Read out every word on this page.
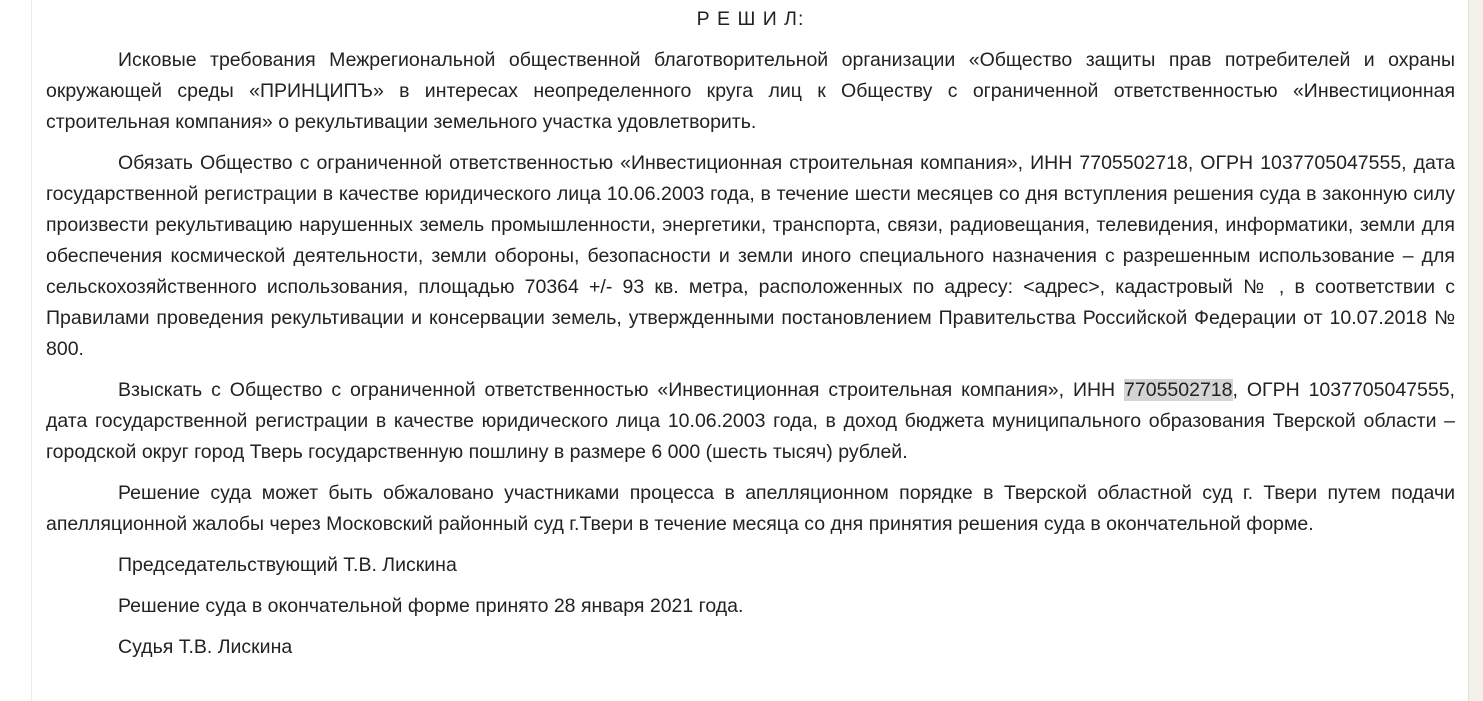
Р Е Ш И Л:

Исковые требования Межрегиональной общественной благотворительной организации «Общество защиты прав потребителей и охраны окружающей среды «ПРИНЦИПЪ» в интересах неопределенного круга лиц к Обществу с ограниченной ответственностью «Инвестиционная строительная компания» о рекультивации земельного участка удовлетворить.

Обязать Общество с ограниченной ответственностью «Инвестиционная строительная компания», ИНН 7705502718, ОГРН 1037705047555, дата государственной регистрации в качестве юридического лица 10.06.2003 года, в течение шести месяцев со дня вступления решения суда в законную силу произвести рекультивацию нарушенных земель промышленности, энергетики, транспорта, связи, радиовещания, телевидения, информатики, земли для обеспечения космической деятельности, земли обороны, безопасности и земли иного специального назначения с разрешенным использование – для сельскохозяйственного использования, площадью 70364 +/- 93 кв. метра, расположенных по адресу: <адрес>, кадастровый № , в соответствии с Правилами проведения рекультивации и консервации земель, утвержденными постановлением Правительства Российской Федерации от 10.07.2018 № 800.

Взыскать с Общество с ограниченной ответственностью «Инвестиционная строительная компания», ИНН 7705502718, ОГРН 1037705047555, дата государственной регистрации в качестве юридического лица 10.06.2003 года, в доход бюджета муниципального образования Тверской области – городской округ город Тверь государственную пошлину в размере 6 000 (шесть тысяч) рублей.

Решение суда может быть обжаловано участниками процесса в апелляционном порядке в Тверской областной суд г. Твери путем подачи апелляционной жалобы через Московский районный суд г.Твери в течение месяца со дня принятия решения суда в окончательной форме.

Председательствующий Т.В. Лискина

Решение суда в окончательной форме принято 28 января 2021 года.

Судья Т.В. Лискина
